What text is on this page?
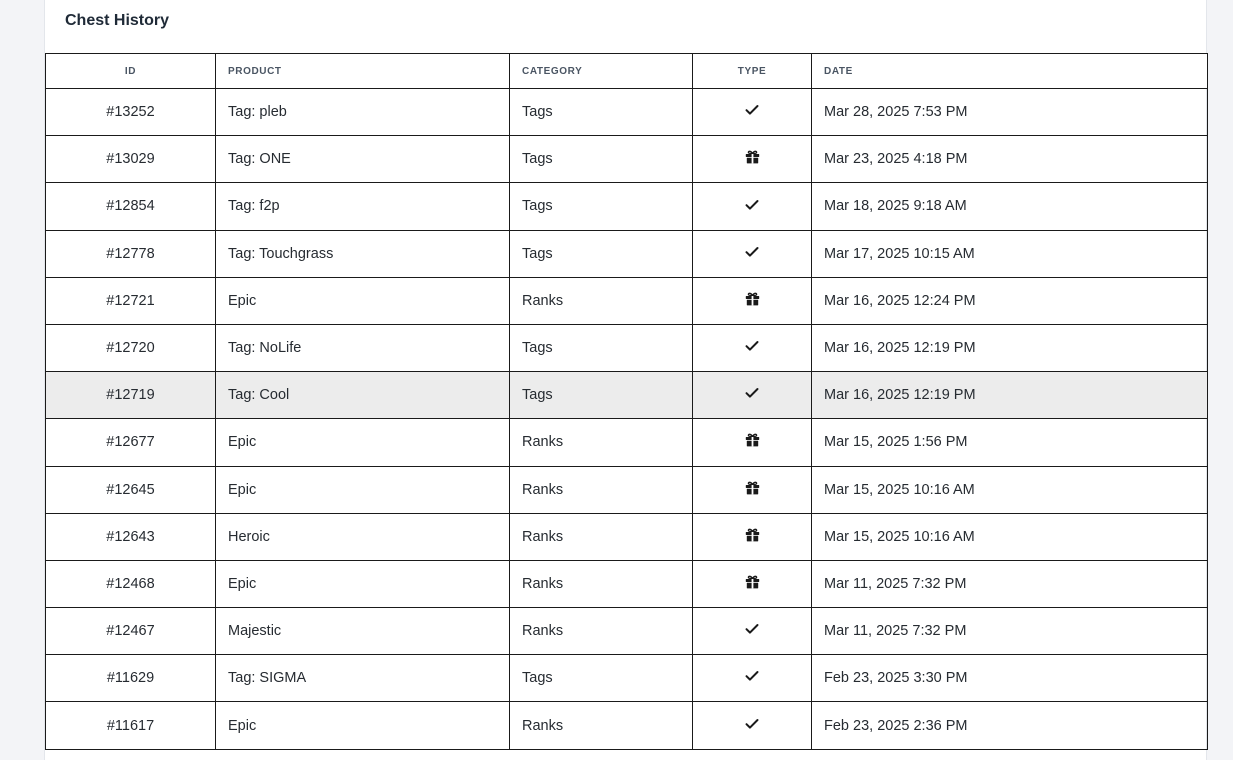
Chest History
ID	PRODUCT	CATEGORY	TYPE	DATE
#13252	Tag: pleb	Tags		Mar 28, 2025 7:53 PM
#13029	Tag: ONE	Tags		Mar 23, 2025 4:18 PM
#12854	Tag: f2p	Tags		Mar 18, 2025 9:18 AM
#12778	Tag: Touchgrass	Tags		Mar 17, 2025 10:15 AM
#12721	Epic	Ranks		Mar 16, 2025 12:24 PM
#12720	Tag: NoLife	Tags		Mar 16, 2025 12:19 PM
#12719	Tag: Cool	Tags		Mar 16, 2025 12:19 PM
#12677	Epic	Ranks		Mar 15, 2025 1:56 PM
#12645	Epic	Ranks		Mar 15, 2025 10:16 AM
#12643	Heroic	Ranks		Mar 15, 2025 10:16 AM
#12468	Epic	Ranks		Mar 11, 2025 7:32 PM
#12467	Majestic	Ranks		Mar 11, 2025 7:32 PM
#11629	Tag: SIGMA	Tags		Feb 23, 2025 3:30 PM
#11617	Epic	Ranks		Feb 23, 2025 2:36 PM
